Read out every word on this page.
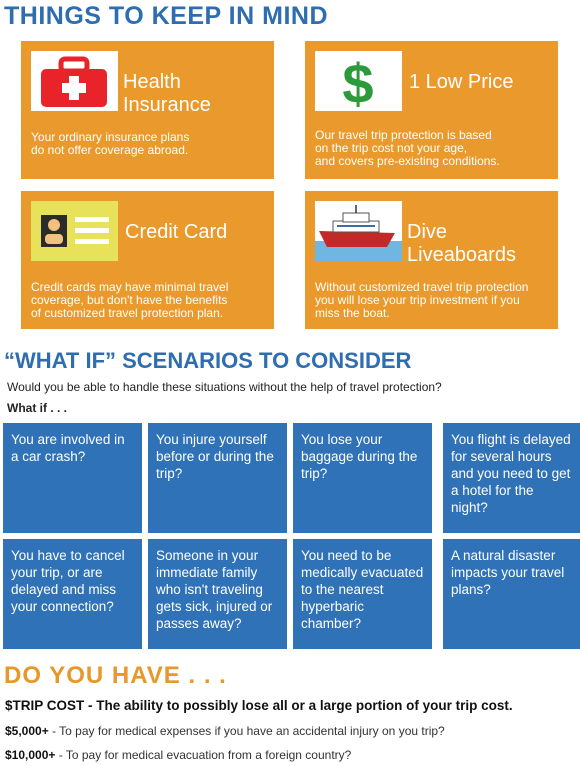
THINGS TO KEEP IN MIND
Health Insurance
Your ordinary insurance plans
do not offer coverage abroad.
$ 1 Low Price
Our travel trip protection is based
on the trip cost not your age,
and covers pre-existing conditions.
Credit Card
Credit cards may have minimal travel
coverage, but don't have the benefits
of customized travel protection plan.
Dive Liveaboards
Without customized travel trip protection
you will lose your trip investment if you
miss the boat.
“WHAT IF” SCENARIOS TO CONSIDER
Would you be able to handle these situations without the help of travel protection?
What if . . .
You are involved in a car crash?
You injure yourself before or during the trip?
You lose your baggage during the trip?
You flight is delayed for several hours and you need to get a hotel for the night?
You have to cancel your trip, or are delayed and miss your connection?
Someone in your immediate family who isn't traveling gets sick, injured or passes away?
You need to be medically evacuated to the nearest hyperbaric chamber?
A natural disaster impacts your travel plans?
DO YOU HAVE . . .
$TRIP COST - The ability to possibly lose all or a large portion of your trip cost.
$5,000+ - To pay for medical expenses if you have an accidental injury on you trip?
$10,000+ - To pay for medical evacuation from a foreign country?
